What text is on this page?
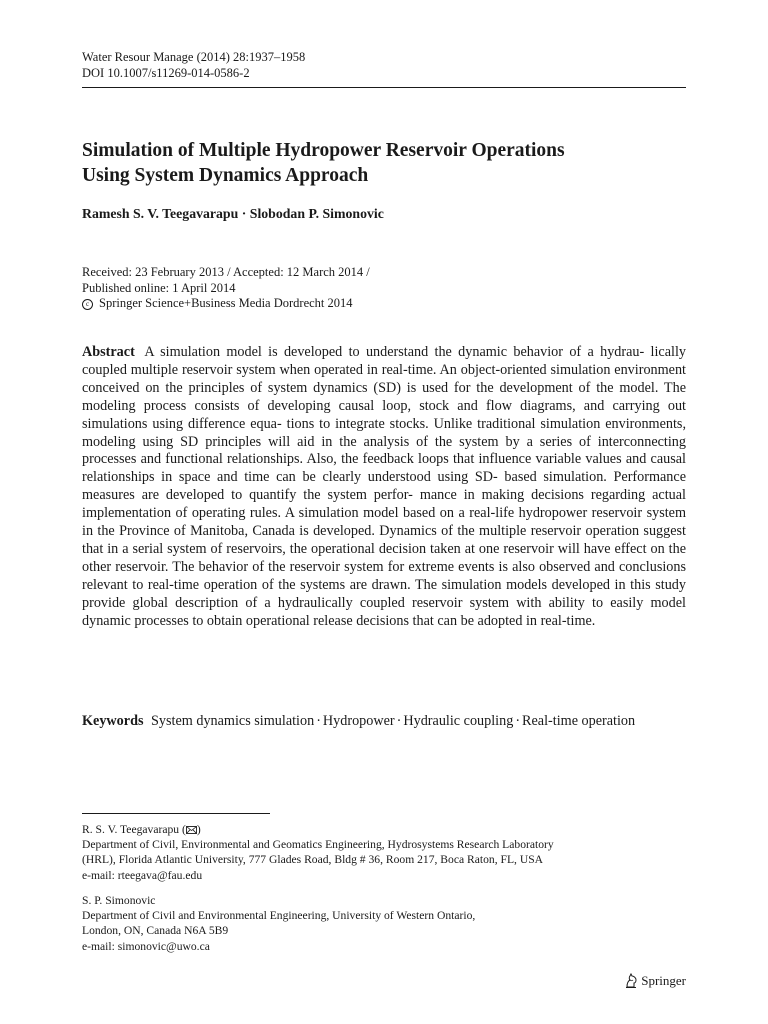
Water Resour Manage (2014) 28:1937–1958
DOI 10.1007/s11269-014-0586-2
Simulation of Multiple Hydropower Reservoir Operations
Using System Dynamics Approach
Ramesh S. V. Teegavarapu · Slobodan P. Simonovic
Received: 23 February 2013 / Accepted: 12 March 2014 /
Published online: 1 April 2014
c Springer Science+Business Media Dordrecht 2014

Abstract A simulation model is developed to understand the dynamic behavior of a hydrau- lically coupled multiple reservoir system when operated in real-time. An object-oriented simulation environment conceived on the principles of system dynamics (SD) is used for the development of the model. The modeling process consists of developing causal loop, stock and flow diagrams, and carrying out simulations using difference equa- tions to integrate stocks. Unlike traditional simulation environments, modeling using SD principles will aid in the analysis of the system by a series of interconnecting processes and functional relationships. Also, the feedback loops that influence variable values and causal relationships in space and time can be clearly understood using SD- based simulation. Performance measures are developed to quantify the system perfor- mance in making decisions regarding actual implementation of operating rules. A simulation model based on a real-life hydropower reservoir system in the Province of Manitoba, Canada is developed. Dynamics of the multiple reservoir operation suggest that in a serial system of reservoirs, the operational decision taken at one reservoir will have effect on the other reservoir. The behavior of the reservoir system for extreme events is also observed and conclusions relevant to real-time operation of the systems are drawn. The simulation models developed in this study provide global description of a hydraulically coupled reservoir system with ability to easily model dynamic processes to obtain operational release decisions that can be adopted in real-time.

Keywords System dynamics simulation · Hydropower · Hydraulic coupling · Real-time operation

R. S. V. Teegavarapu ( )
Department of Civil, Environmental and Geomatics Engineering, Hydrosystems Research Laboratory
(HRL), Florida Atlantic University, 777 Glades Road, Bldg # 36, Room 217, Boca Raton, FL, USA
e-mail: rteegava@fau.edu
S. P. Simonovic
Department of Civil and Environmental Engineering, University of Western Ontario,
London, ON, Canada N6A 5B9
e-mail: simonovic@uwo.ca
Springer
